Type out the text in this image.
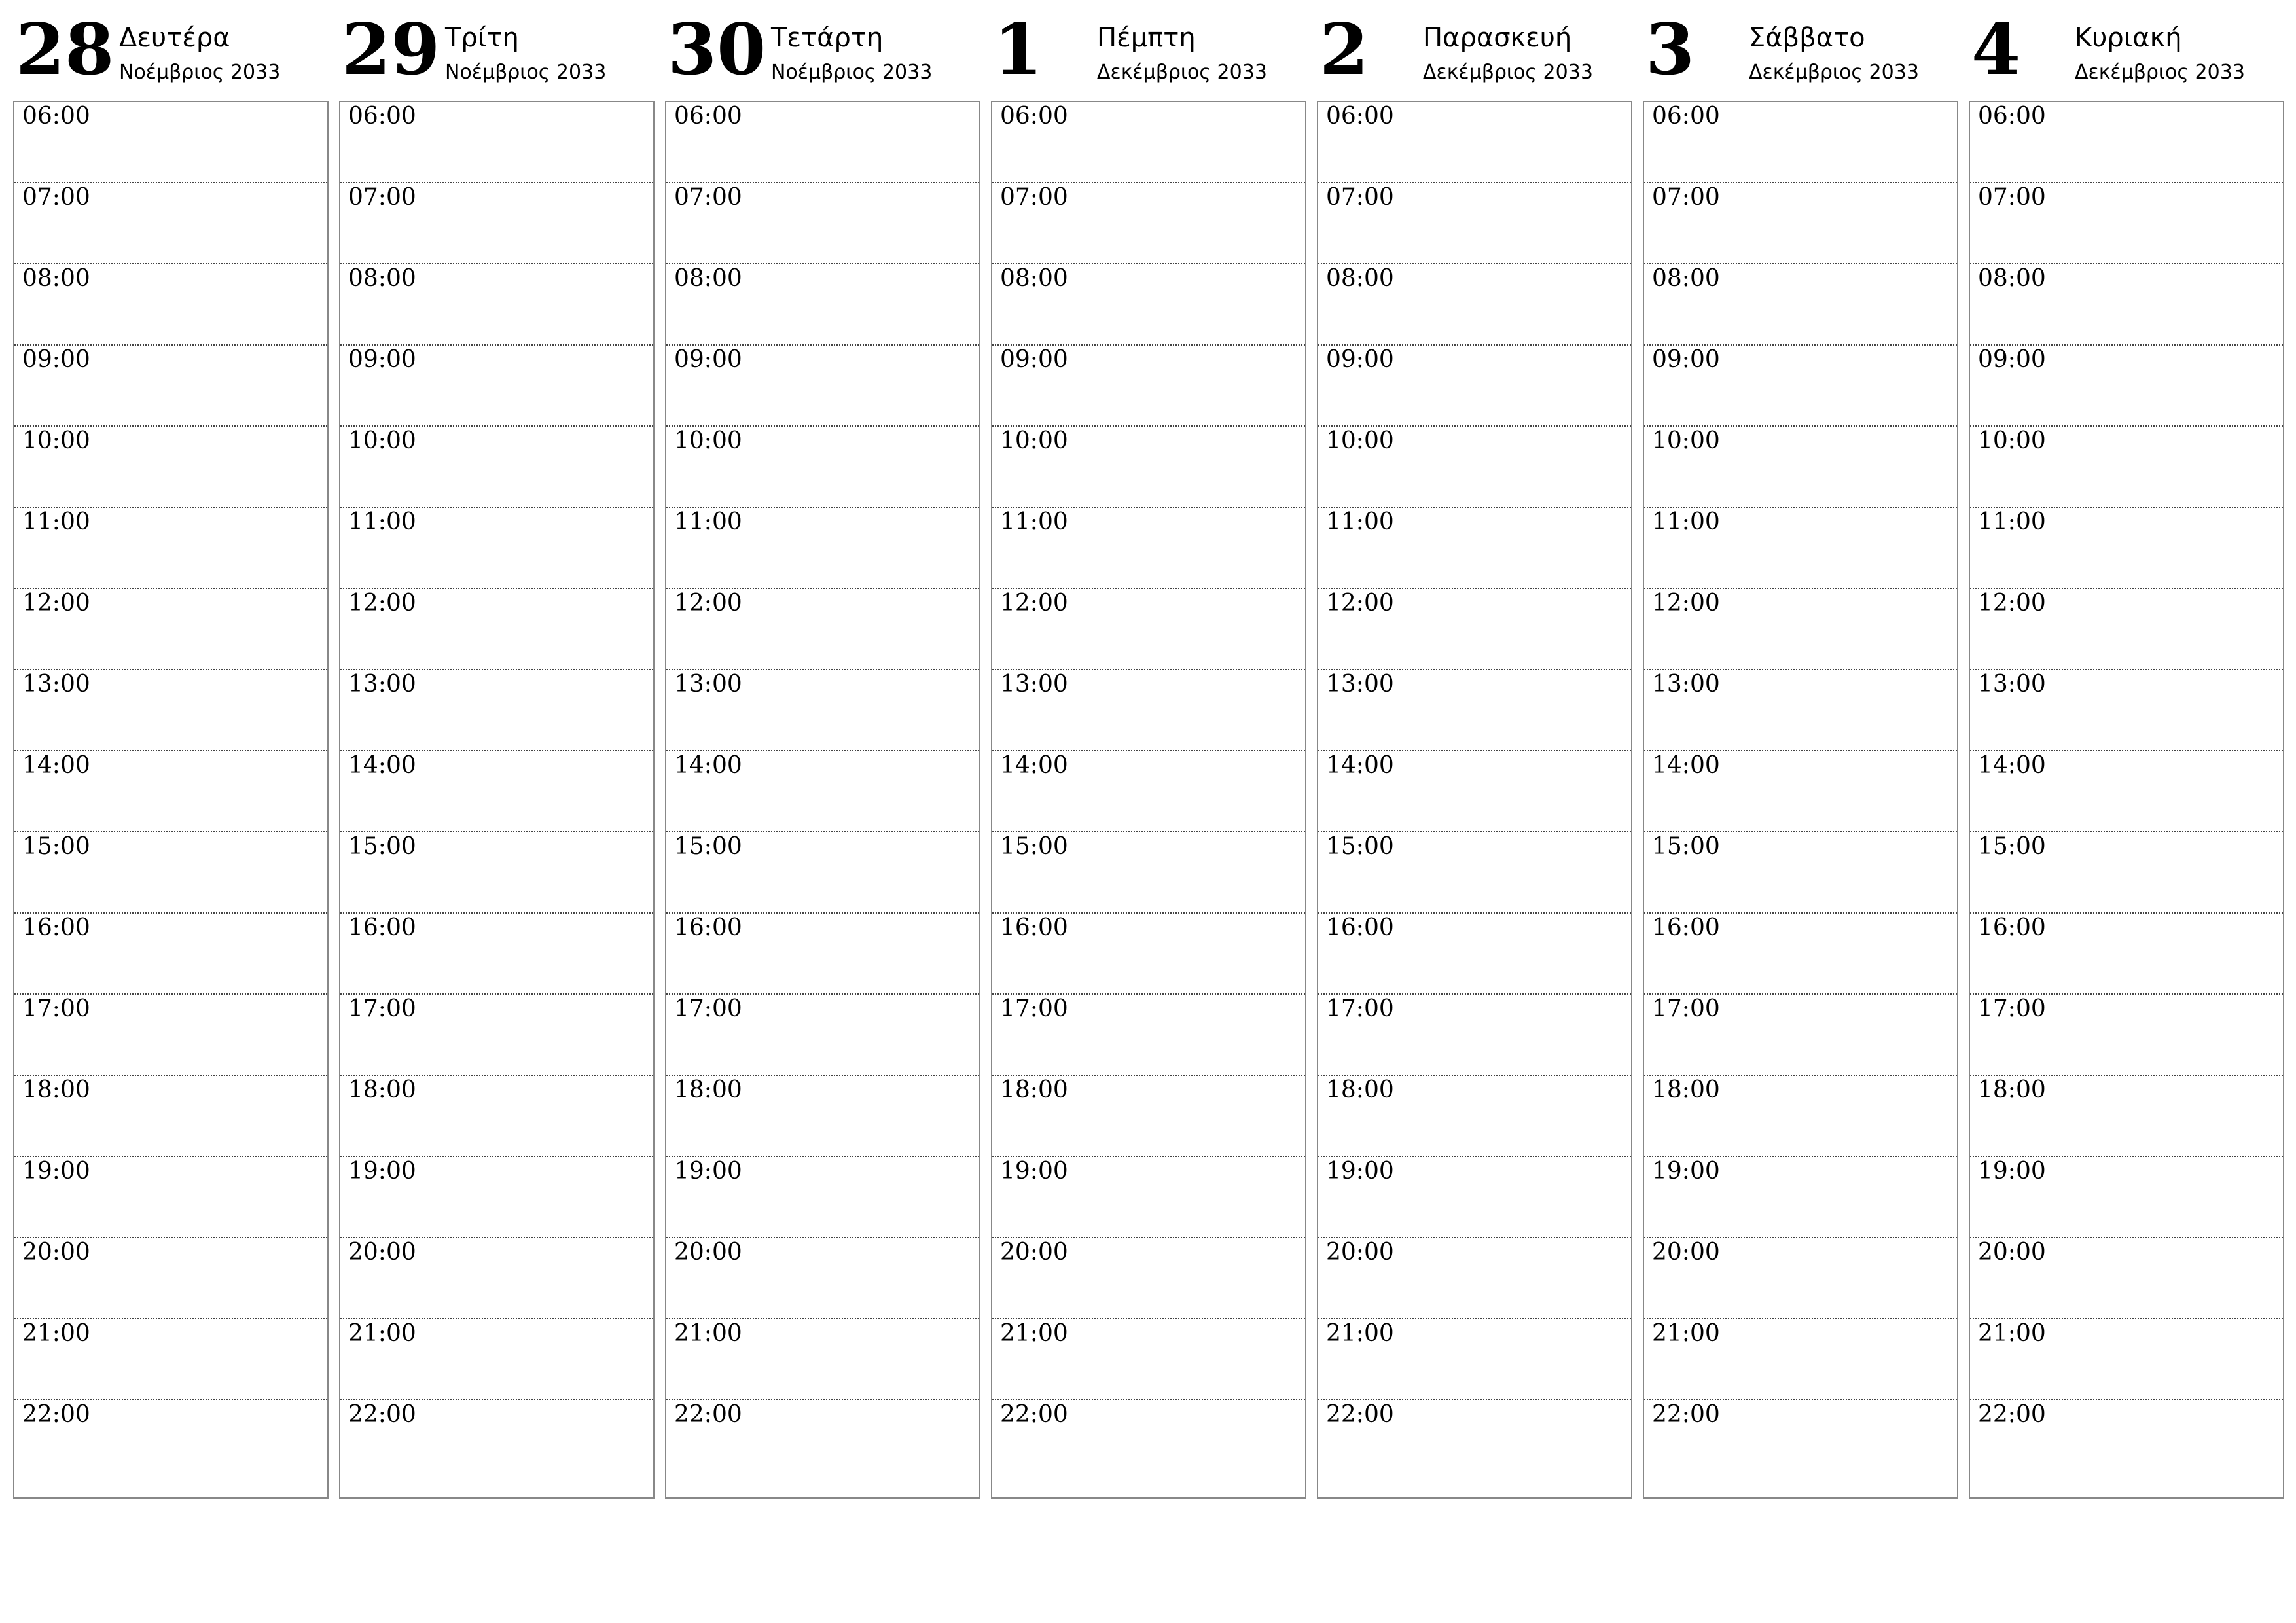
28 Δευτέρα
Νοέμβριος 2033
06:00
07:00
08:00
09:00
10:00
11:00
12:00
13:00
14:00
15:00
16:00
17:00
18:00
19:00
20:00
21:00
22:00
29 Τρίτη
Νοέμβριος 2033
06:00
07:00
08:00
09:00
10:00
11:00
12:00
13:00
14:00
15:00
16:00
17:00
18:00
19:00
20:00
21:00
22:00
30 Τετάρτη
Νοέμβριος 2033
06:00
07:00
08:00
09:00
10:00
11:00
12:00
13:00
14:00
15:00
16:00
17:00
18:00
19:00
20:00
21:00
22:00
1 Πέμπτη
Δεκέμβριος 2033
06:00
07:00
08:00
09:00
10:00
11:00
12:00
13:00
14:00
15:00
16:00
17:00
18:00
19:00
20:00
21:00
22:00
2 Παρασκευή
Δεκέμβριος 2033
06:00
07:00
08:00
09:00
10:00
11:00
12:00
13:00
14:00
15:00
16:00
17:00
18:00
19:00
20:00
21:00
22:00
3 Σάββατο
Δεκέμβριος 2033
06:00
07:00
08:00
09:00
10:00
11:00
12:00
13:00
14:00
15:00
16:00
17:00
18:00
19:00
20:00
21:00
22:00
4 Κυριακή
Δεκέμβριος 2033
06:00
07:00
08:00
09:00
10:00
11:00
12:00
13:00
14:00
15:00
16:00
17:00
18:00
19:00
20:00
21:00
22:00
